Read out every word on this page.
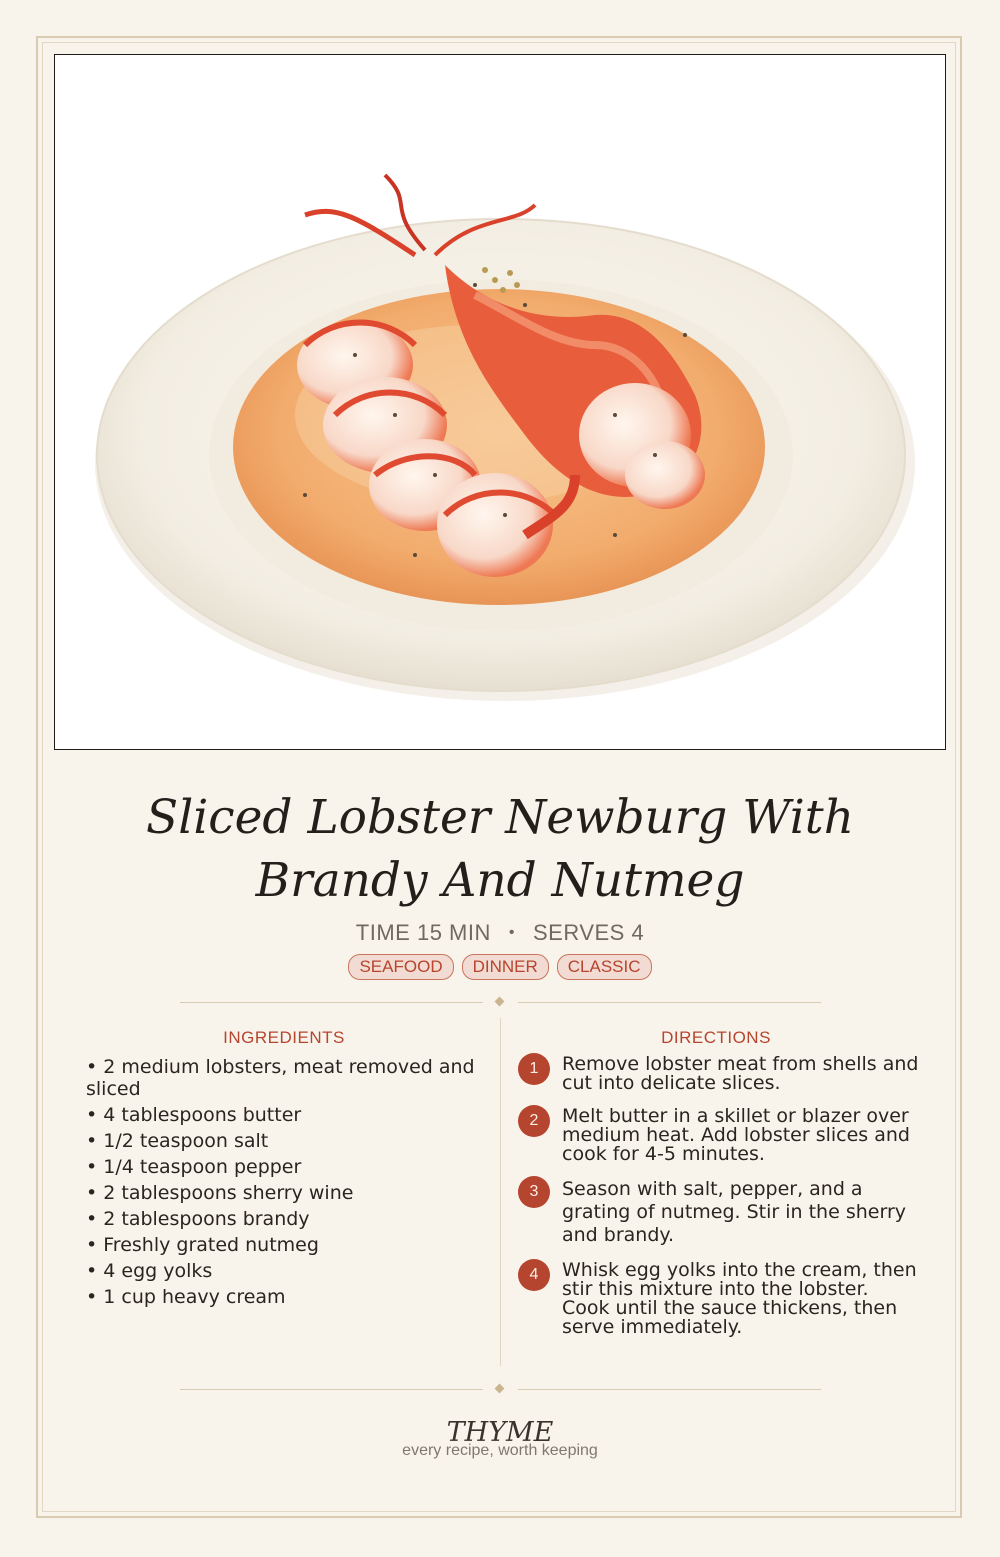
Sliced Lobster Newburg With Brandy And Nutmeg
TIME 15 MIN • SERVES 4
SEAFOOD DINNER CLASSIC
INGREDIENTS	DIRECTIONS
• 2 medium lobsters, meat removed and sliced
• 4 tablespoons butter
• 1/2 teaspoon salt
• 1/4 teaspoon pepper
• 2 tablespoons sherry wine
• 2 tablespoons brandy
• Freshly grated nutmeg
• 4 egg yolks
• 1 cup heavy cream
1	Remove lobster meat from shells and cut into delicate slices.
2	Melt butter in a skillet or blazer over medium heat. Add lobster slices and cook for 4-5 minutes.
3	Season with salt, pepper, and a grating of nutmeg. Stir in the sherry and brandy.
4	Whisk egg yolks into the cream, then stir this mixture into the lobster. Cook until the sauce thickens, then serve immediately.
THYME
every recipe, worth keeping
